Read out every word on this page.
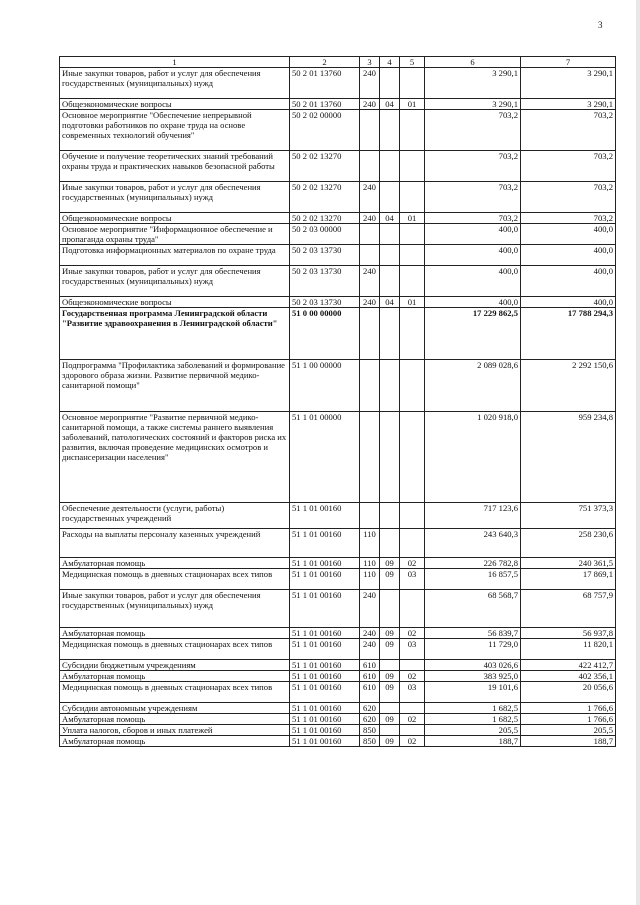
3
1	2	3	4	5	6	7
Иные закупки товаров, работ и услуг для обеспечения государственных (муниципальных) нужд	50 2 01 13760	240			3 290,1	3 290,1
Общеэкономические вопросы	50 2 01 13760	240	04	01	3 290,1	3 290,1
Основное мероприятие "Обеспечение непрерывной подготовки работников по охране труда на основе современных технологий обучения"	50 2 02 00000				703,2	703,2
Обучение и получение теоретических знаний требований охраны труда и практических навыков безопасной работы	50 2 02 13270				703,2	703,2
Иные закупки товаров, работ и услуг для обеспечения государственных (муниципальных) нужд	50 2 02 13270	240			703,2	703,2
Общеэкономические вопросы	50 2 02 13270	240	04	01	703,2	703,2
Основное мероприятие "Информационное обеспечение и пропаганда охраны труда"	50 2 03 00000				400,0	400,0
Подготовка информационных материалов по охране труда	50 2 03 13730				400,0	400,0
Иные закупки товаров, работ и услуг для обеспечения государственных (муниципальных) нужд	50 2 03 13730	240			400,0	400,0
Общеэкономические вопросы	50 2 03 13730	240	04	01	400,0	400,0
Государственная программа Ленинградской области "Развитие здравоохранения в Ленинградской области"	51 0 00 00000				17 229 862,5	17 788 294,3
Подпрограмма "Профилактика заболеваний и формирование здорового образа жизни. Развитие первичной медико-санитарной помощи"	51 1 00 00000				2 089 028,6	2 292 150,6
Основное мероприятие "Развитие первичной медико-санитарной помощи, а также системы раннего выявления заболеваний, патологических состояний и факторов риска их развития, включая проведение медицинских осмотров и диспансеризации населения"	51 1 01 00000				1 020 918,0	959 234,8
Обеспечение деятельности (услуги, работы) государственных учреждений	51 1 01 00160				717 123,6	751 373,3
Расходы на выплаты персоналу казенных учреждений	51 1 01 00160	110			243 640,3	258 230,6
Амбулаторная помощь	51 1 01 00160	110	09	02	226 782,8	240 361,5
Медицинская помощь в дневных стационарах всех типов	51 1 01 00160	110	09	03	16 857,5	17 869,1
Иные закупки товаров, работ и услуг для обеспечения государственных (муниципальных) нужд	51 1 01 00160	240			68 568,7	68 757,9
Амбулаторная помощь	51 1 01 00160	240	09	02	56 839,7	56 937,8
Медицинская помощь в дневных стационарах всех типов	51 1 01 00160	240	09	03	11 729,0	11 820,1
Субсидии бюджетным учреждениям	51 1 01 00160	610			403 026,6	422 412,7
Амбулаторная помощь	51 1 01 00160	610	09	02	383 925,0	402 356,1
Медицинская помощь в дневных стационарах всех типов	51 1 01 00160	610	09	03	19 101,6	20 056,6
Субсидии автономным учреждениям	51 1 01 00160	620			1 682,5	1 766,6
Амбулаторная помощь	51 1 01 00160	620	09	02	1 682,5	1 766,6
Уплата налогов, сборов и иных платежей	51 1 01 00160	850			205,5	205,5
Амбулаторная помощь	51 1 01 00160	850	09	02	188,7	188,7
